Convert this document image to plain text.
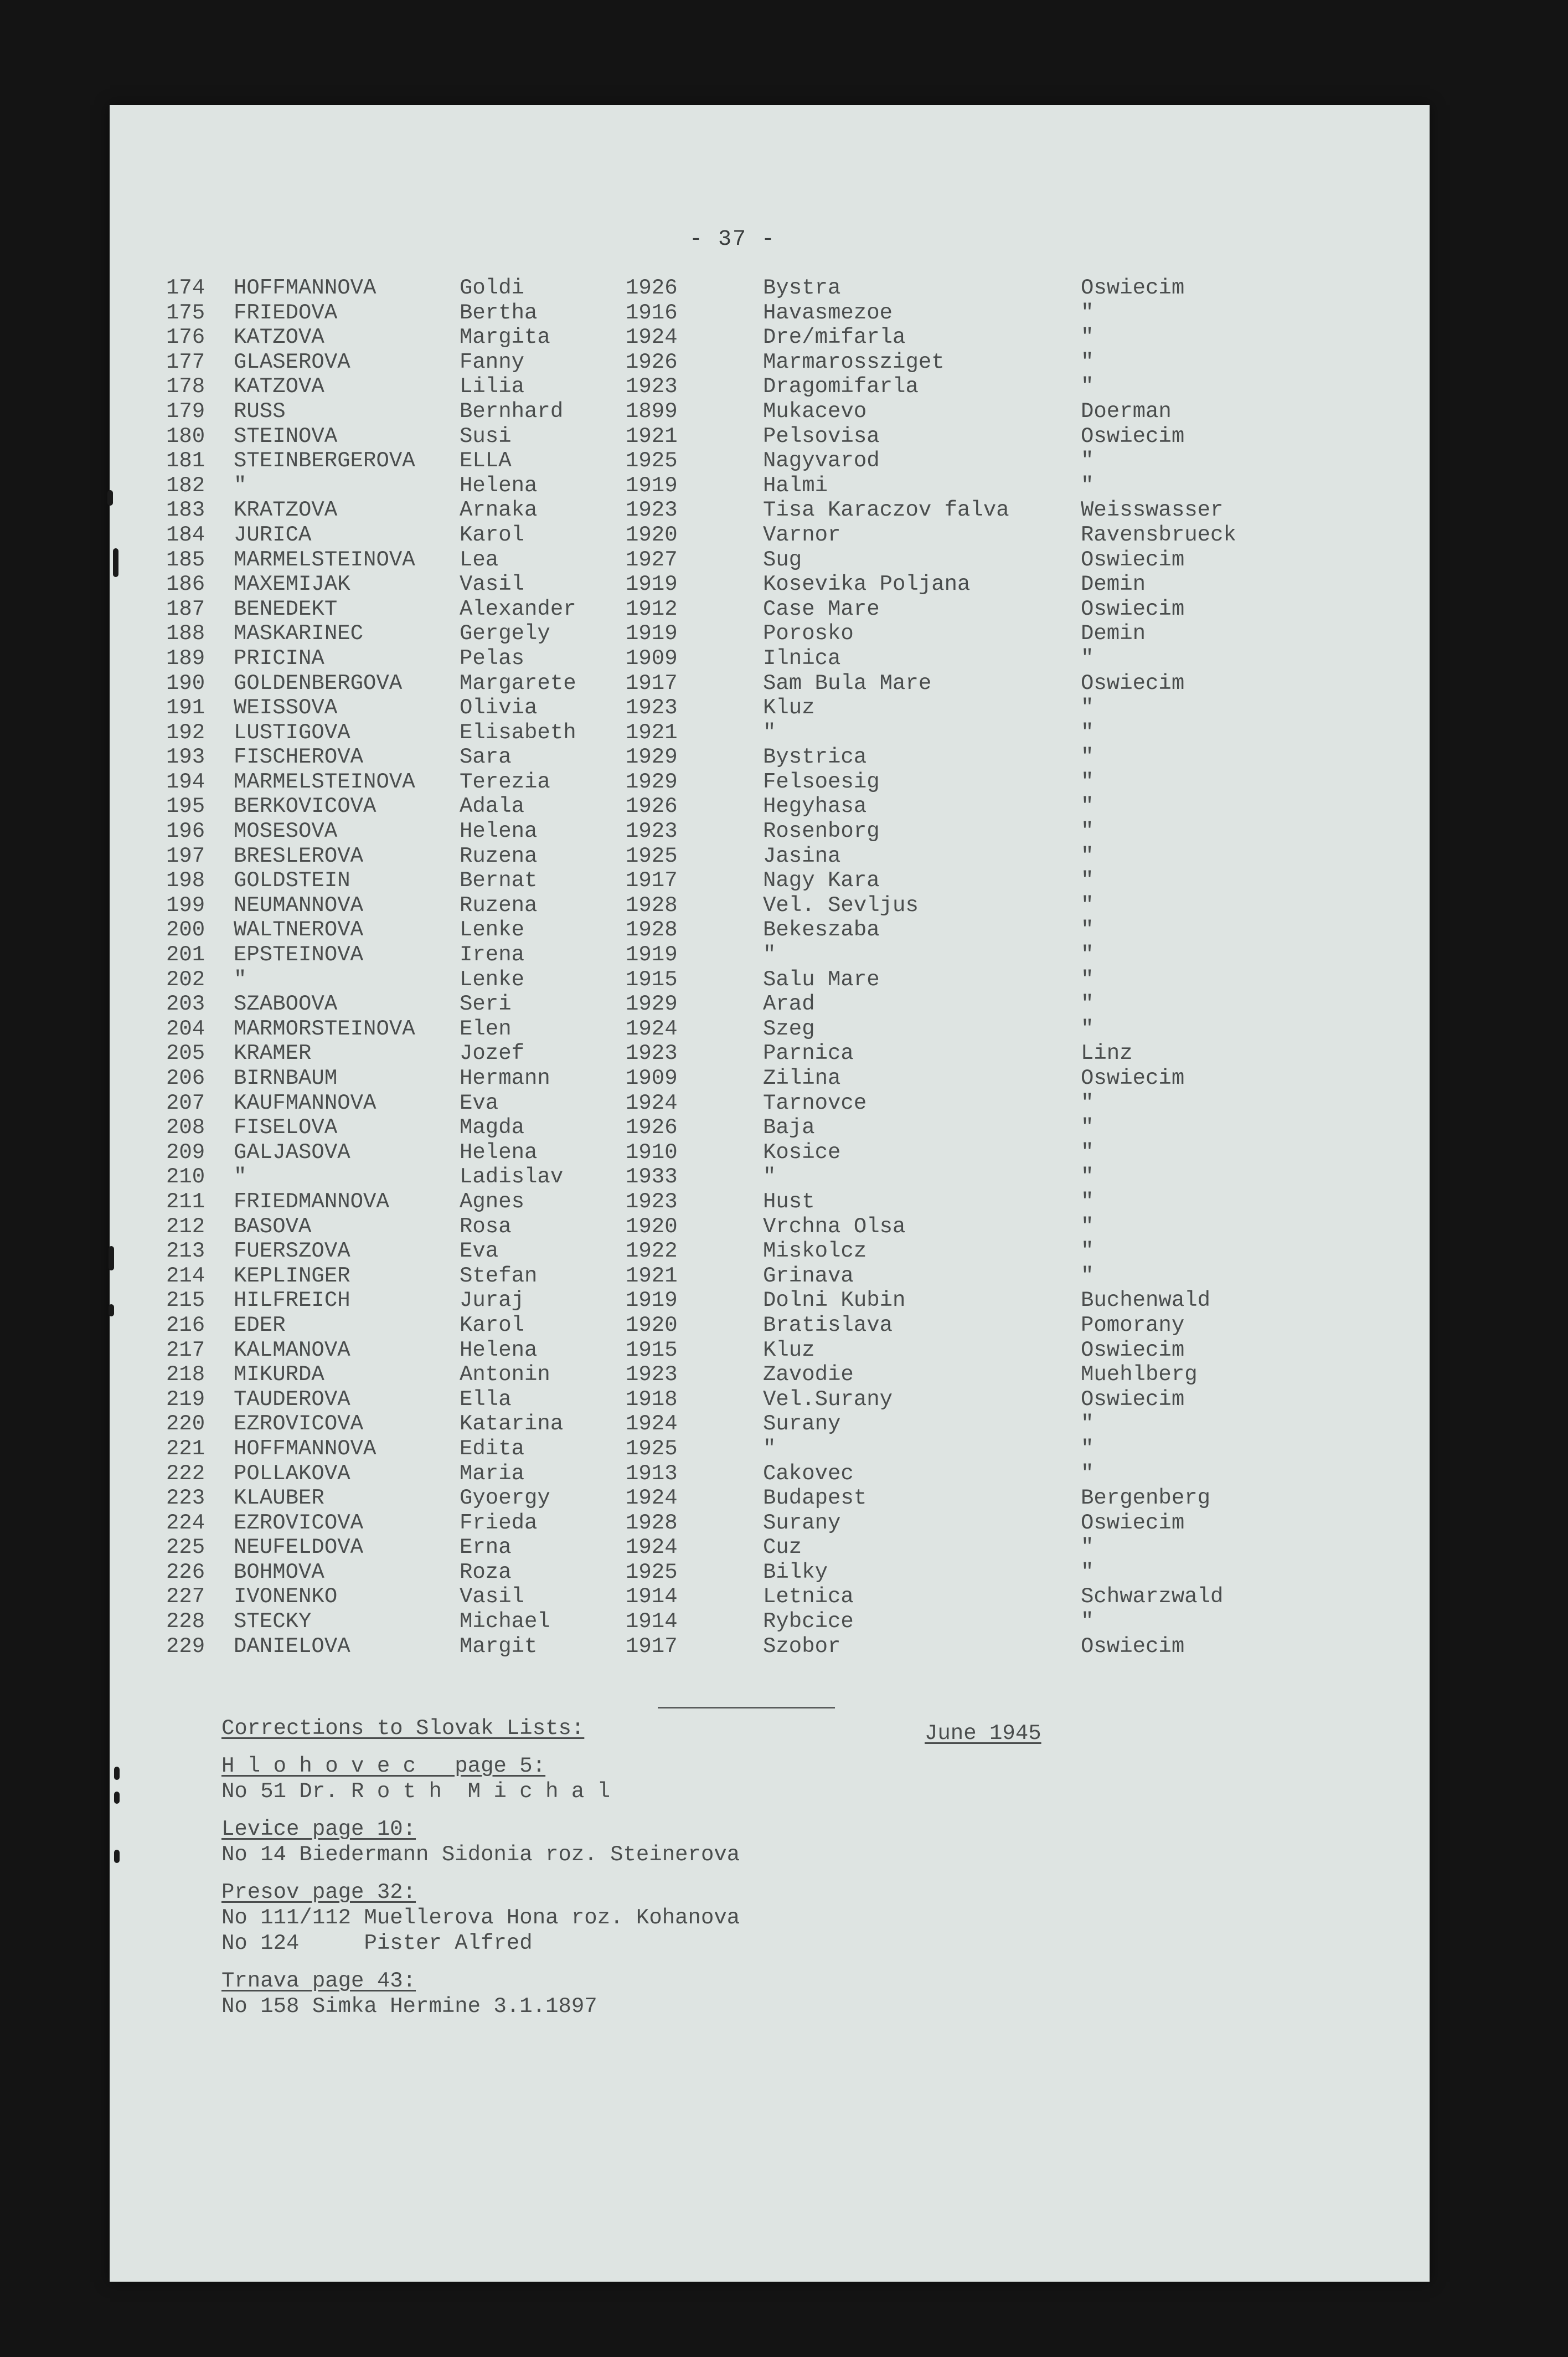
- 37 -
174 HOFFMANNOVA	Goldi	1926	Bystra	Oswiecim
175 FRIEDOVA	Bertha	1916	Havasmezoe	"
176 KATZOVA	Margita	1924	Dre/mifarla	"
177 GLASEROVA	Fanny	1926	Marmarossziget	"
178 KATZOVA	Lilia	1923	Dragomifarla	"
179 RUSS	Bernhard	1899	Mukacevo	Doerman
180 STEINOVA	Susi	1921	Pelsovisa	Oswiecim
181 STEINBERGEROVA ELLA	1925	Nagyvarod	"
182 "	Helena	1919	Halmi	"
183 KRATZOVA	Arnaka	1923	Tisa Karaczov falva	Weisswasser
184 JURICA	Karol	1920	Varnor	Ravensbrueck
185 MARMELSTEINOVA Lea	1927	Sug	Oswiecim
186 MAXEMIJAK	Vasil	1919	Kosevika Poljana	Demin
187 BENEDEKT	Alexander 1912	Case Mare	Oswiecim
188 MASKARINEC	Gergely	1919	Porosko	Demin
189 PRICINA	Pelas	1909	Ilnica	"
190 GOLDENBERGOVA	Margarete 1917	Sam Bula Mare	Oswiecim
191 WEISSOVA	Olivia	1923	Kluz	"
192 LUSTIGOVA	Elisabeth 1921	"	"
193 FISCHEROVA	Sara	1929	Bystrica	"
194 MARMELSTEINOVA Terezia	1929	Felsoesig	"
195 BERKOVICOVA	Adala	1926	Hegyhasa	"
196 MOSESOVA	Helena	1923	Rosenborg	"
197 BRESLEROVA	Ruzena	1925	Jasina	"
198 GOLDSTEIN	Bernat	1917	Nagy Kara	"
199 NEUMANNOVA	Ruzena	1928	Vel. Sevljus	"
200 WALTNEROVA	Lenke	1928	Bekeszaba	"
201 EPSTEINOVA	Irena	1919	"	"
202 "	Lenke	1915	Salu Mare	"
203 SZABOOVA	Seri	1929	Arad	"
204 MARMORSTEINOVA Elen	1924	Szeg	"
205 KRAMER	Jozef	1923	Parnica	Linz
206 BIRNBAUM	Hermann	1909	Zilina	Oswiecim
207 KAUFMANNOVA	Eva	1924	Tarnovce	"
208 FISELOVA	Magda	1926	Baja	"
209 GALJASOVA	Helena	1910	Kosice	"
210 "	Ladislav	1933	"	"
211 FRIEDMANNOVA	Agnes	1923	Hust	"
212 BASOVA	Rosa	1920	Vrchna Olsa	"
213 FUERSZOVA	Eva	1922	Miskolcz	"
214 KEPLINGER	Stefan	1921	Grinava	"
215 HILFREICH	Juraj	1919	Dolni Kubin	Buchenwald
216 EDER	Karol	1920	Bratislava	Pomorany
217 KALMANOVA	Helena	1915	Kluz	Oswiecim
218 MIKURDA	Antonin	1923	Zavodie	Muehlberg
219 TAUDEROVA	Ella	1918	Vel.Surany	Oswiecim
220 EZROVICOVA	Katarina	1924	Surany	"
221 HOFFMANNOVA	Edita	1925	"	"
222 POLLAKOVA	Maria	1913	Cakovec	"
223 KLAUBER	Gyoergy	1924	Budapest	Bergenberg
224 EZROVICOVA	Frieda	1928	Surany	Oswiecim
225 NEUFELDOVA	Erna	1924	Cuz	"
226 BOHMOVA	Roza	1925	Bilky	"
227 IVONENKO	Vasil	1914	Letnica	Schwarzwald
228 STECKY	Michael	1914	Rybcice	"
229 DANIELOVA	Margit	1917	Szobor	Oswiecim
June 1945
Corrections to Slovak Lists:
H l o h o v e c   page 5:
No 51 Dr. R o t h  M i c h a l
Levice page 10:
No 14 Biedermann Sidonia roz. Steinerova
Presov page 32:
No 111/112 Muellerova Hona roz. Kohanova
No 124     Pister Alfred
Trnava page 43:
No 158 Simka Hermine 3.1.1897
